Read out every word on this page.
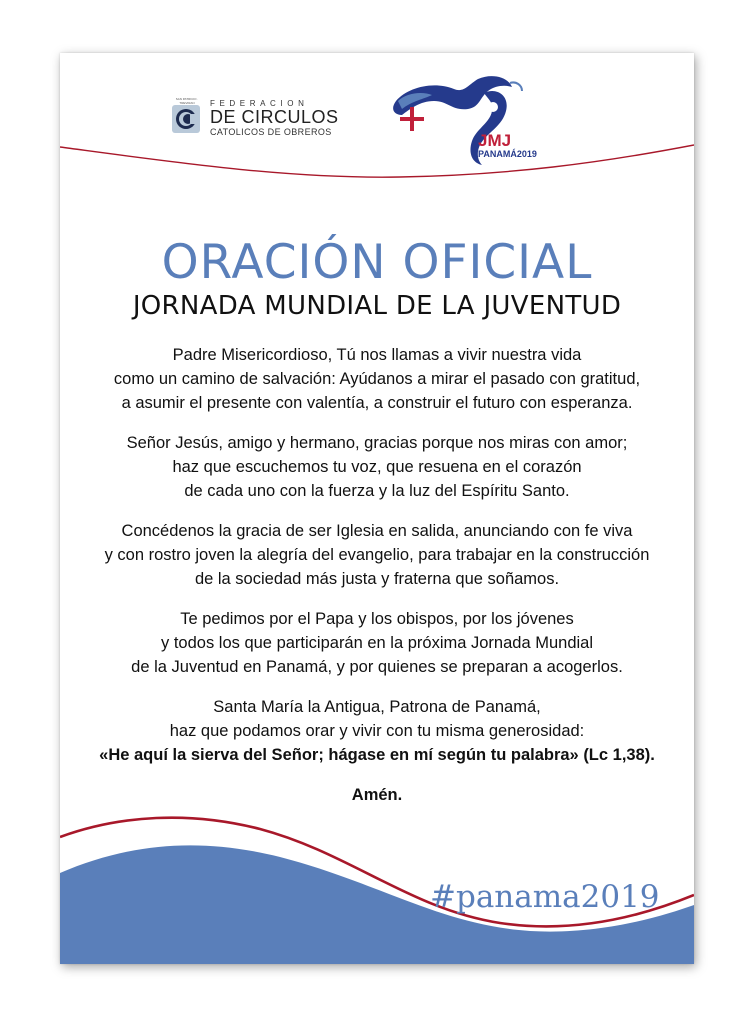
SAN PATRICIO · TREVIRAN	FEDERACION
DE CIRCULOS
CATOLICOS DE OBREROS	JMJ
PANAMÁ2019
ORACIÓN OFICIAL
JORNADA MUNDIAL DE LA JUVENTUD

Padre Misericordioso, Tú nos llamas a vivir nuestra vida
como un camino de salvación: Ayúdanos a mirar el pasado con gratitud,
a asumir el presente con valentía, a construir el futuro con esperanza.

Señor Jesús, amigo y hermano, gracias porque nos miras con amor;
haz que escuchemos tu voz, que resuena en el corazón
de cada uno con la fuerza y la luz del Espíritu Santo.

Concédenos la gracia de ser Iglesia en salida, anunciando con fe viva
y con rostro joven la alegría del evangelio, para trabajar en la construcción
de la sociedad más justa y fraterna que soñamos.

Te pedimos por el Papa y los obispos, por los jóvenes
y todos los que participarán en la próxima Jornada Mundial
de la Juventud en Panamá, y por quienes se preparan a acogerlos.

Santa María la Antigua, Patrona de Panamá,
haz que podamos orar y vivir con tu misma generosidad:
«He aquí la sierva del Señor; hágase en mí según tu palabra» (Lc 1,38).

Amén.

#panama2019
